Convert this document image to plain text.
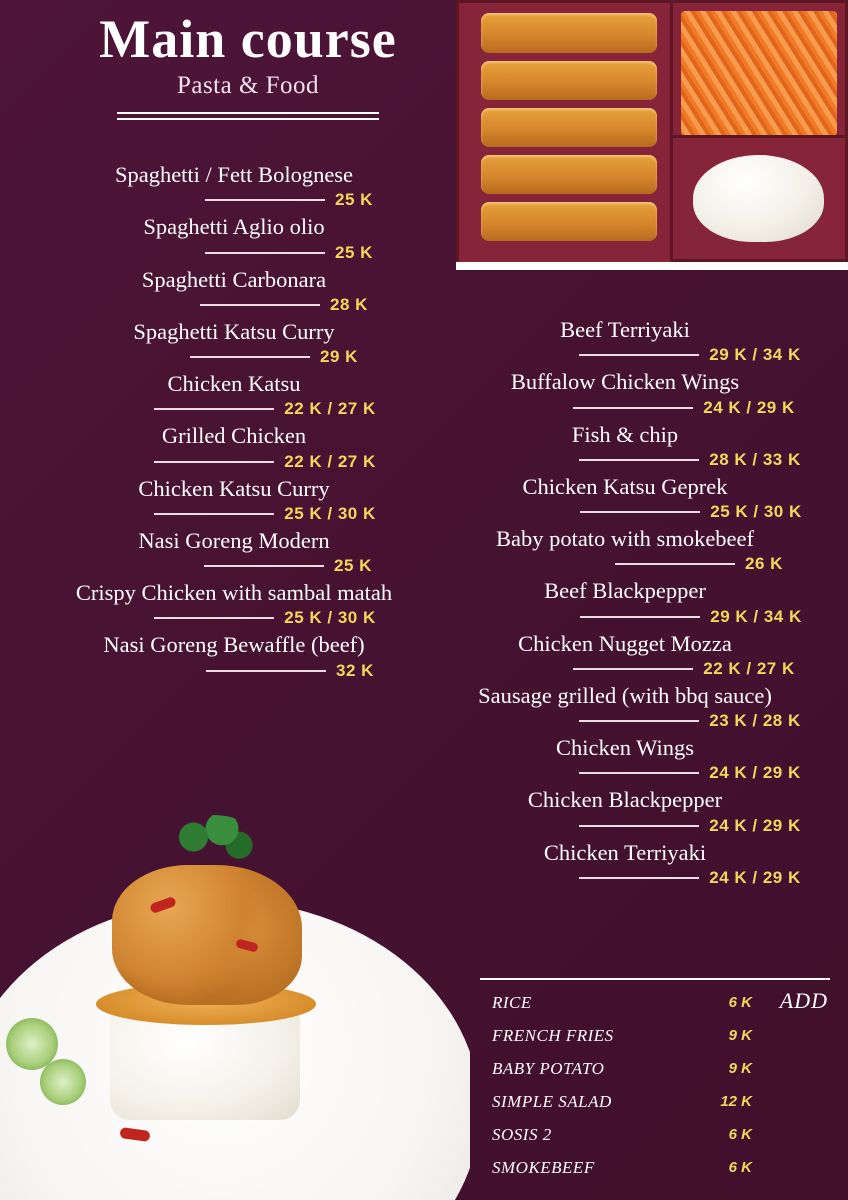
Main course
Pasta & Food
Spaghetti / Fett Bolognese
25 K
Spaghetti Aglio olio
25 K
Spaghetti Carbonara
28 K
Spaghetti Katsu Curry
29 K
Chicken Katsu
22 K / 27 K
Grilled Chicken
22 K / 27 K
Chicken Katsu Curry
25 K / 30 K
Nasi Goreng Modern
25 K
Crispy Chicken with sambal matah
25 K / 30 K
Nasi Goreng Bewaffle (beef)
32 K
Beef Terriyaki
29 K / 34 K
Buffalow Chicken Wings
24 K / 29 K
Fish & chip
28 K / 33 K
Chicken Katsu Geprek
25 K / 30 K
Baby potato with smokebeef
26 K
Beef Blackpepper
29 K / 34 K
Chicken Nugget Mozza
22 K / 27 K
Sausage grilled (with bbq sauce)
23 K / 28 K
Chicken Wings
24 K / 29 K
Chicken Blackpepper
24 K / 29 K
Chicken Terriyaki
24 K / 29 K
ADD
RICE	6 K
FRENCH FRIES	9 K
BABY POTATO	9 K
SIMPLE SALAD	12 K
SOSIS 2	6 K
SMOKEBEEF	6 K
